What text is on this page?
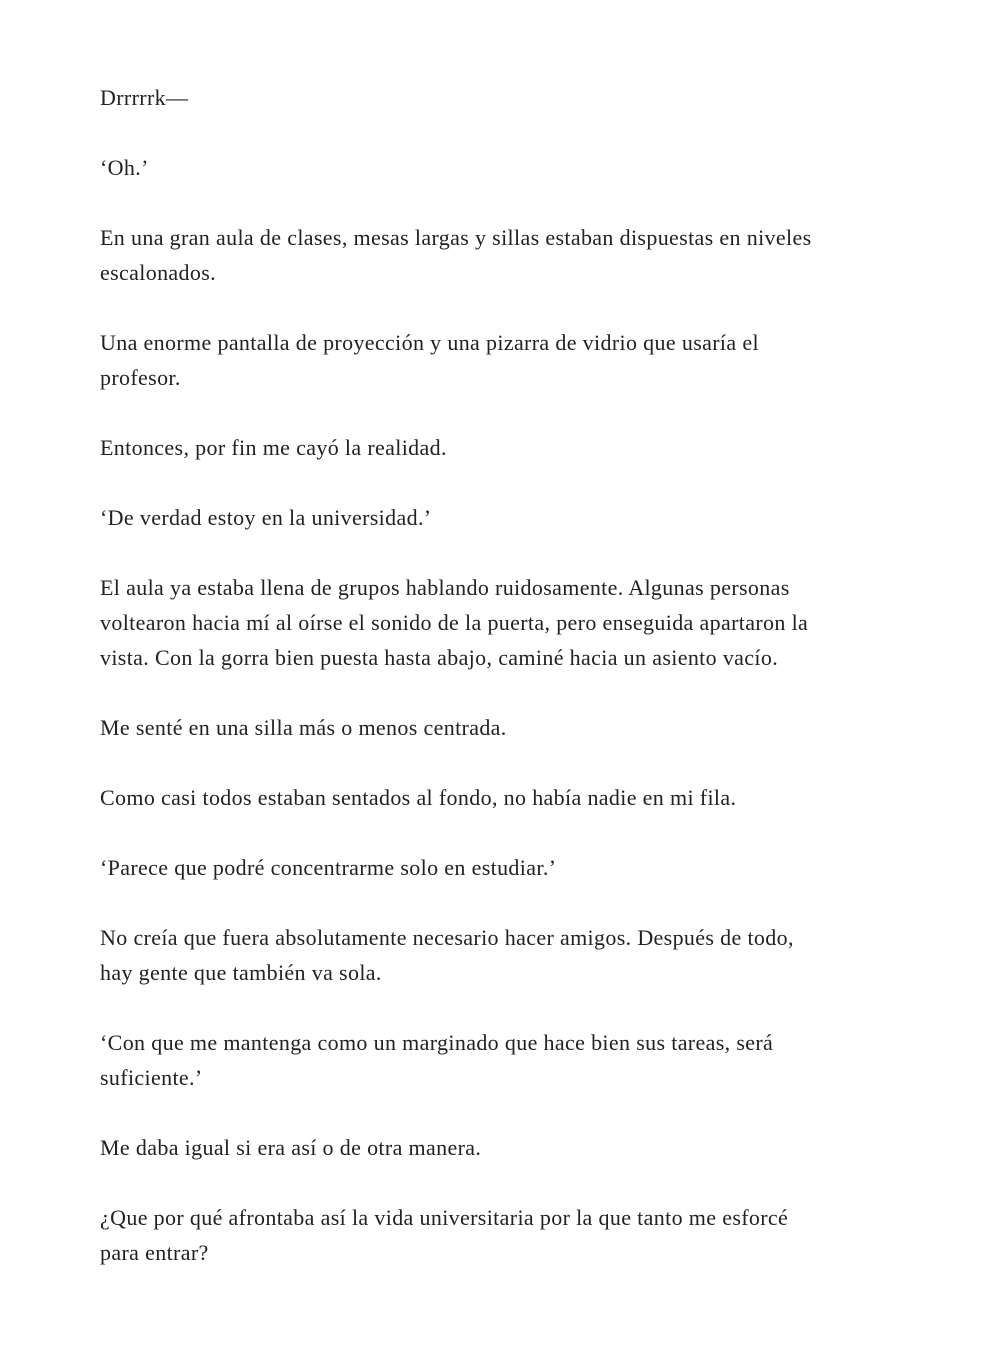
Drrrrrk—

‘Oh.’

En una gran aula de clases, mesas largas y sillas estaban dispuestas en niveles
escalonados.

Una enorme pantalla de proyección y una pizarra de vidrio que usaría el
profesor.

Entonces, por fin me cayó la realidad.

‘De verdad estoy en la universidad.’

El aula ya estaba llena de grupos hablando ruidosamente. Algunas personas
voltearon hacia mí al oírse el sonido de la puerta, pero enseguida apartaron la
vista. Con la gorra bien puesta hasta abajo, caminé hacia un asiento vacío.

Me senté en una silla más o menos centrada.

Como casi todos estaban sentados al fondo, no había nadie en mi fila.

‘Parece que podré concentrarme solo en estudiar.’

No creía que fuera absolutamente necesario hacer amigos. Después de todo,
hay gente que también va sola.

‘Con que me mantenga como un marginado que hace bien sus tareas, será
suficiente.’

Me daba igual si era así o de otra manera.

¿Que por qué afrontaba así la vida universitaria por la que tanto me esforcé
para entrar?
